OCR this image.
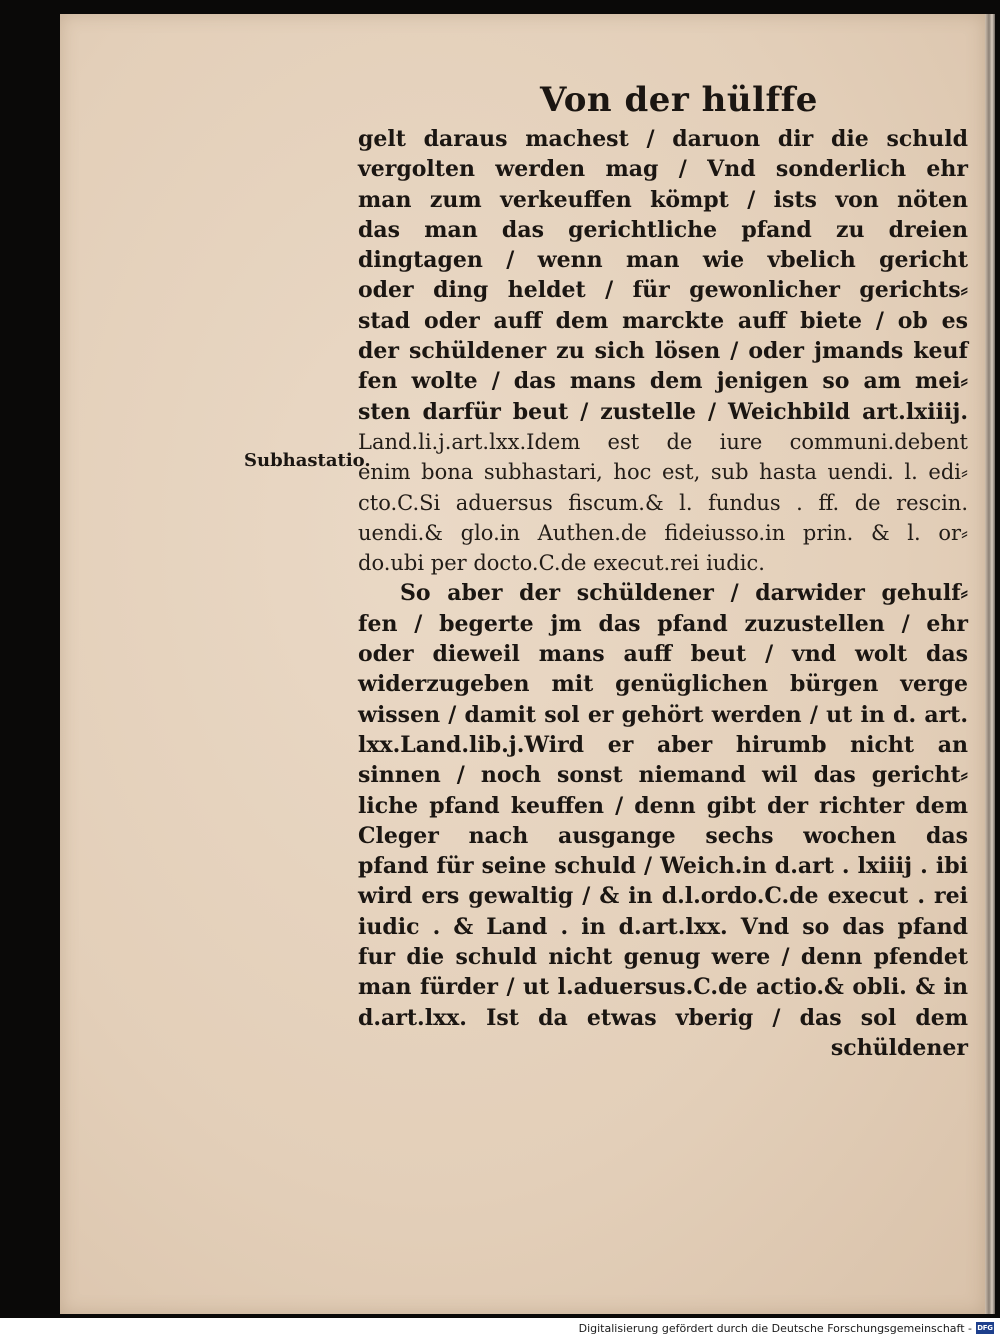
Von der hülffe
Subhastatio.
gelt daraus machest / daruon dir die schuld
vergolten werden mag / Vnd sonderlich ehr
man zum verkeuffen kömpt / ists von nöten
das man das gerichtliche pfand zu dreien
dingtagen / wenn man wie vbelich gericht
oder ding heldet / für gewonlicher gerichts⸗
stad oder auff dem marckte auff biete / ob es
der schüldener zu sich lösen / oder jmands keuf
fen wolte / das mans dem jenigen so am mei⸗
sten darfür beut / zustelle / Weichbild art.lxiiij.
Land.li.j.art.lxx.Idem est de iure communi.debent
enim bona subhastari, hoc est, sub hasta uendi. l. edi⸗
cto.C.Si aduersus fiscum.& l. fundus . ff. de rescin.
uendi.& glo.in Authen.de fideiusso.in prin. & l. or⸗
do.ubi per docto.C.de execut.rei iudic.
So aber der schüldener / darwider gehulf⸗
fen / begerte jm das pfand zuzustellen / ehr
oder dieweil mans auff beut / vnd wolt das
widerzugeben mit genüglichen bürgen verge
wissen / damit sol er gehört werden / ut in d. art.
lxx.Land.lib.j.Wird er aber hirumb nicht an
sinnen / noch sonst niemand wil das gericht⸗
liche pfand keuffen / denn gibt der richter dem
Cleger nach ausgange sechs wochen das
pfand für seine schuld / Weich.in d.art . lxiiij . ibi
wird ers gewaltig / & in d.l.ordo.C.de execut . rei
iudic . & Land . in d.art.lxx. Vnd so das pfand
fur die schuld nicht genug were / denn pfendet
man fürder / ut l.aduersus.C.de actio.& obli. & in
d.art.lxx. Ist da etwas vberig / das sol dem
schüldener
Digitalisierung gefördert durch die Deutsche Forschungsgemeinschaft - DFG
